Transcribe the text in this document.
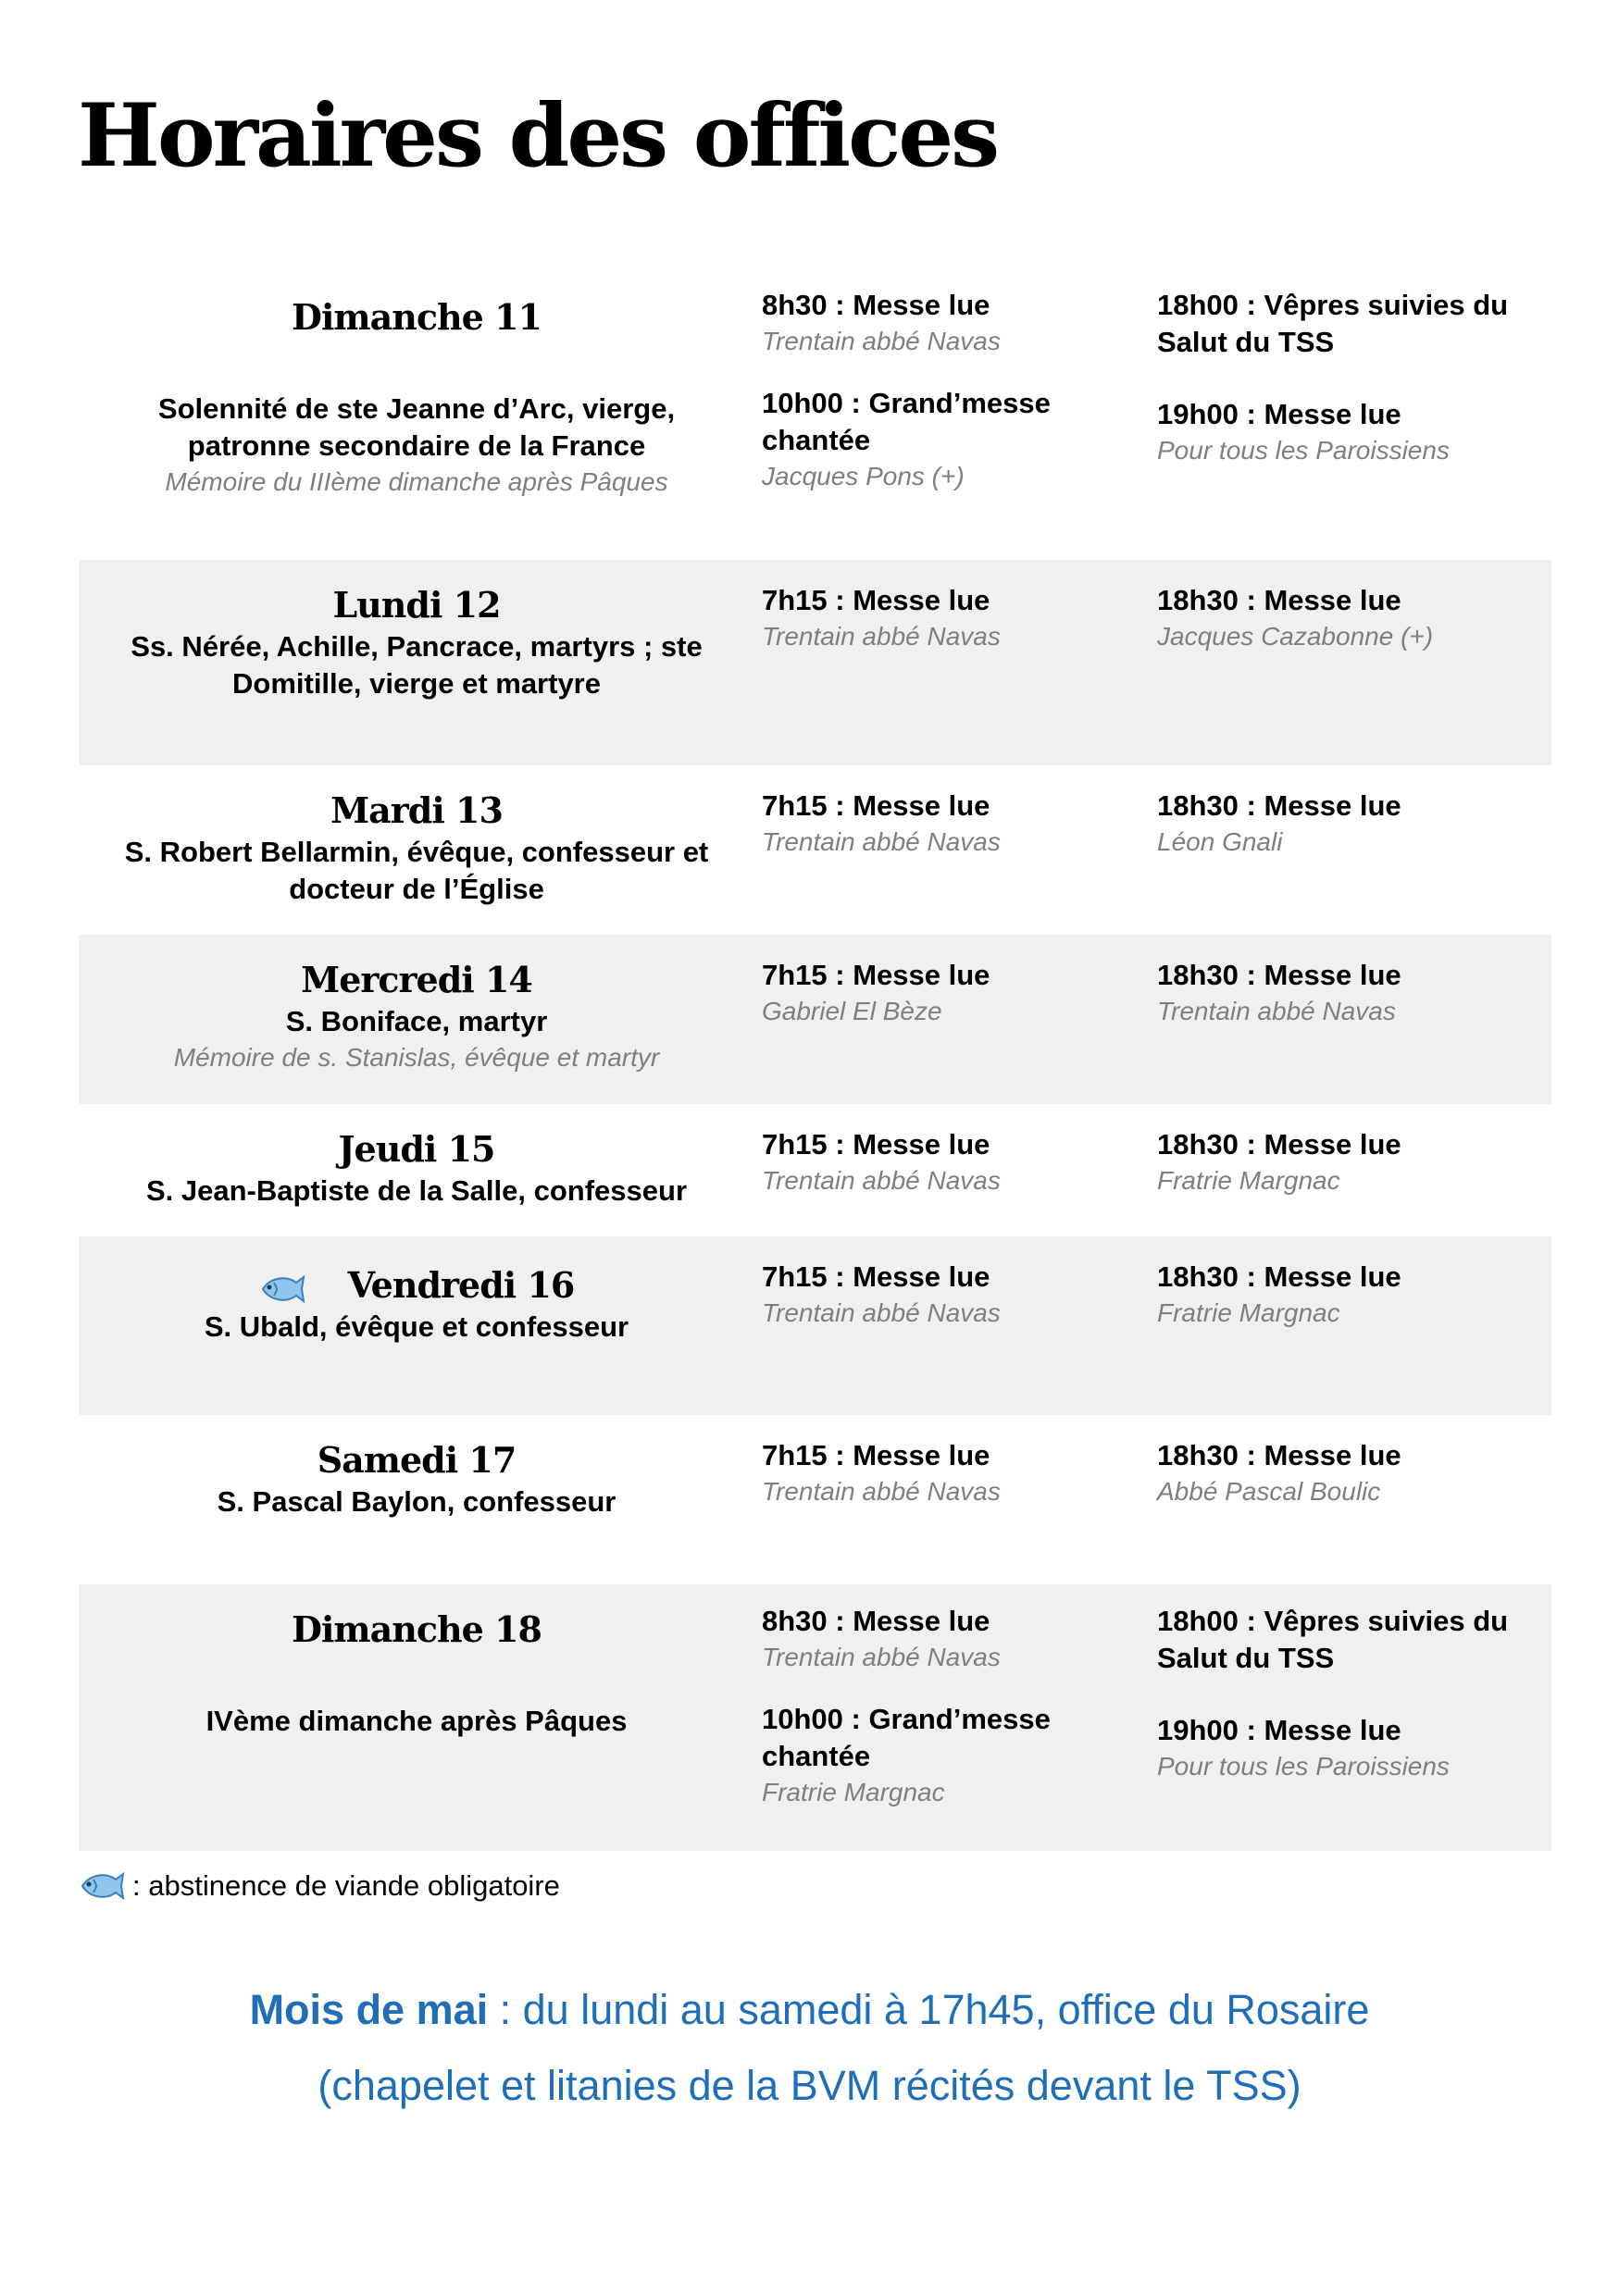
Horaires des offices
Dimanche 11
Solennité de ste Jeanne d’Arc, vierge, patronne secondaire de la France
Mémoire du IIIème dimanche après Pâques
8h30 : Messe lue
Trentain abbé Navas
10h00 : Grand’messe chantée
Jacques Pons (+)
18h00 : Vêpres suivies du Salut du TSS
19h00 : Messe lue
Pour tous les Paroissiens
Lundi 12
Ss. Nérée, Achille, Pancrace, martyrs ; ste Domitille, vierge et martyre
7h15 : Messe lue
Trentain abbé Navas
18h30 : Messe lue
Jacques Cazabonne (+)
Mardi 13
S. Robert Bellarmin, évêque, confesseur et docteur de l’Église
7h15 : Messe lue
Trentain abbé Navas
18h30 : Messe lue
Léon Gnali
Mercredi 14
S. Boniface, martyr
Mémoire de s. Stanislas, évêque et martyr
7h15 : Messe lue
Gabriel El Bèze
18h30 : Messe lue
Trentain abbé Navas
Jeudi 15
S. Jean-Baptiste de la Salle, confesseur
7h15 : Messe lue
Trentain abbé Navas
18h30 : Messe lue
Fratrie Margnac
Vendredi 16
S. Ubald, évêque et confesseur
7h15 : Messe lue
Trentain abbé Navas
18h30 : Messe lue
Fratrie Margnac
Samedi 17
S. Pascal Baylon, confesseur
7h15 : Messe lue
Trentain abbé Navas
18h30 : Messe lue
Abbé Pascal Boulic
Dimanche 18
IVème dimanche après Pâques
8h30 : Messe lue
Trentain abbé Navas
10h00 : Grand’messe chantée
Fratrie Margnac
18h00 : Vêpres suivies du Salut du TSS
19h00 : Messe lue
Pour tous les Paroissiens
: abstinence de viande obligatoire
Mois de mai : du lundi au samedi à 17h45, office du Rosaire
(chapelet et litanies de la BVM récités devant le TSS)
